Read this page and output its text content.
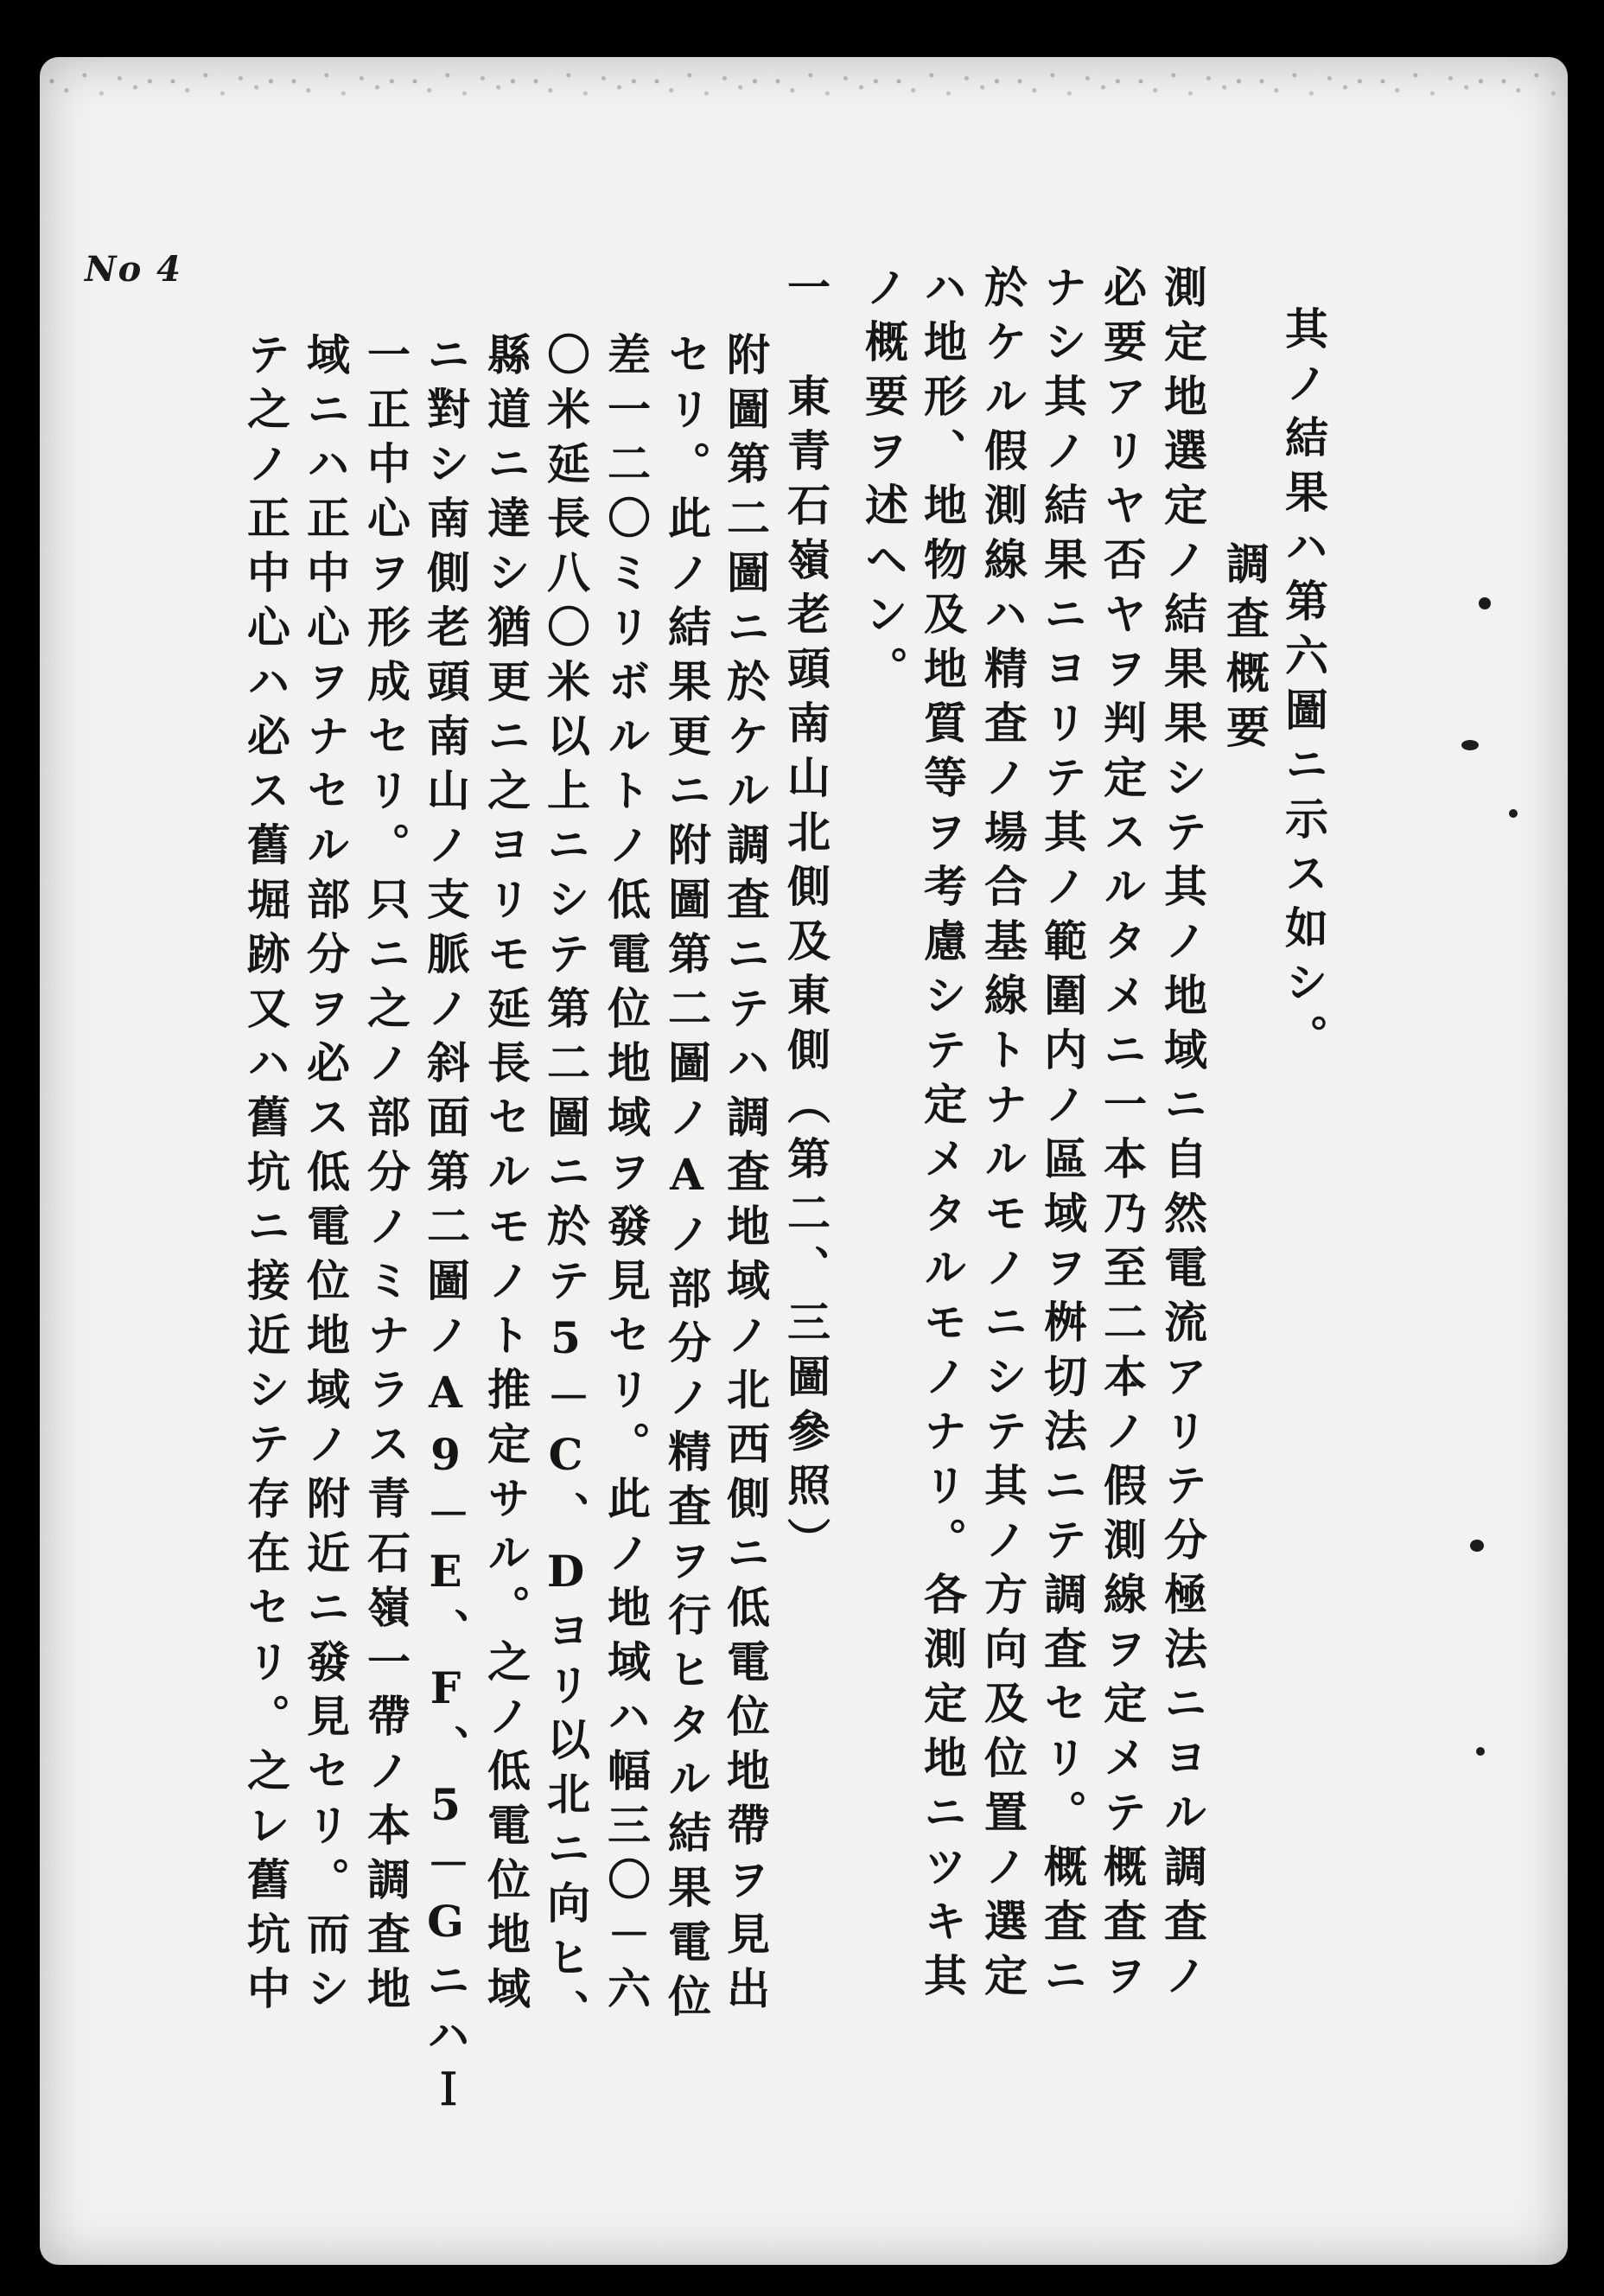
No 4
其ノ結果ハ第六圖ニ示ス如シ。
調査概要
測定地選定ノ結果果シテ其ノ地域ニ自然電流アリテ分極法ニヨル調査ノ
必要アリヤ否ヤヲ判定スルタメニ一本乃至二本ノ假測線ヲ定メテ概査ヲ
ナシ其ノ結果ニヨリテ其ノ範圍内ノ區域ヲ桝切法ニテ調査セリ。概査ニ
於ケル假測線ハ精査ノ場合基線トナルモノニシテ其ノ方向及位置ノ選定
ハ地形、地物及地質等ヲ考慮シテ定メタルモノナリ。各測定地ニツキ其
ノ概要ヲ述ヘン。
一　東青石嶺老頭南山北側及東側（第二、三圖參照）
附圖第二圖ニ於ケル調査ニテハ調査地域ノ北西側ニ低電位地帶ヲ見出
セリ。此ノ結果更ニ附圖第二圖ノAノ部分ノ精査ヲ行ヒタル結果電位
差一二〇ミリボルトノ低電位地域ヲ發見セリ。此ノ地域ハ幅三〇－六
〇米延長八〇米以上ニシテ第二圖ニ於テ5－C、Dヨリ以北ニ向ヒ、
縣道ニ達シ猶更ニ之ヨリモ延長セルモノト推定サル。之ノ低電位地域
ニ對シ南側老頭南山ノ支脈ノ斜面第二圖ノA9－E、F、5－GニハＩ
一正中心ヲ形成セリ。只ニ之ノ部分ノミナラス青石嶺一帶ノ本調査地
域ニハ正中心ヲナセル部分ヲ必ス低電位地域ノ附近ニ發見セリ。而シ
テ之ノ正中心ハ必ス舊堀跡又ハ舊坑ニ接近シテ存在セリ。之レ舊坑中
